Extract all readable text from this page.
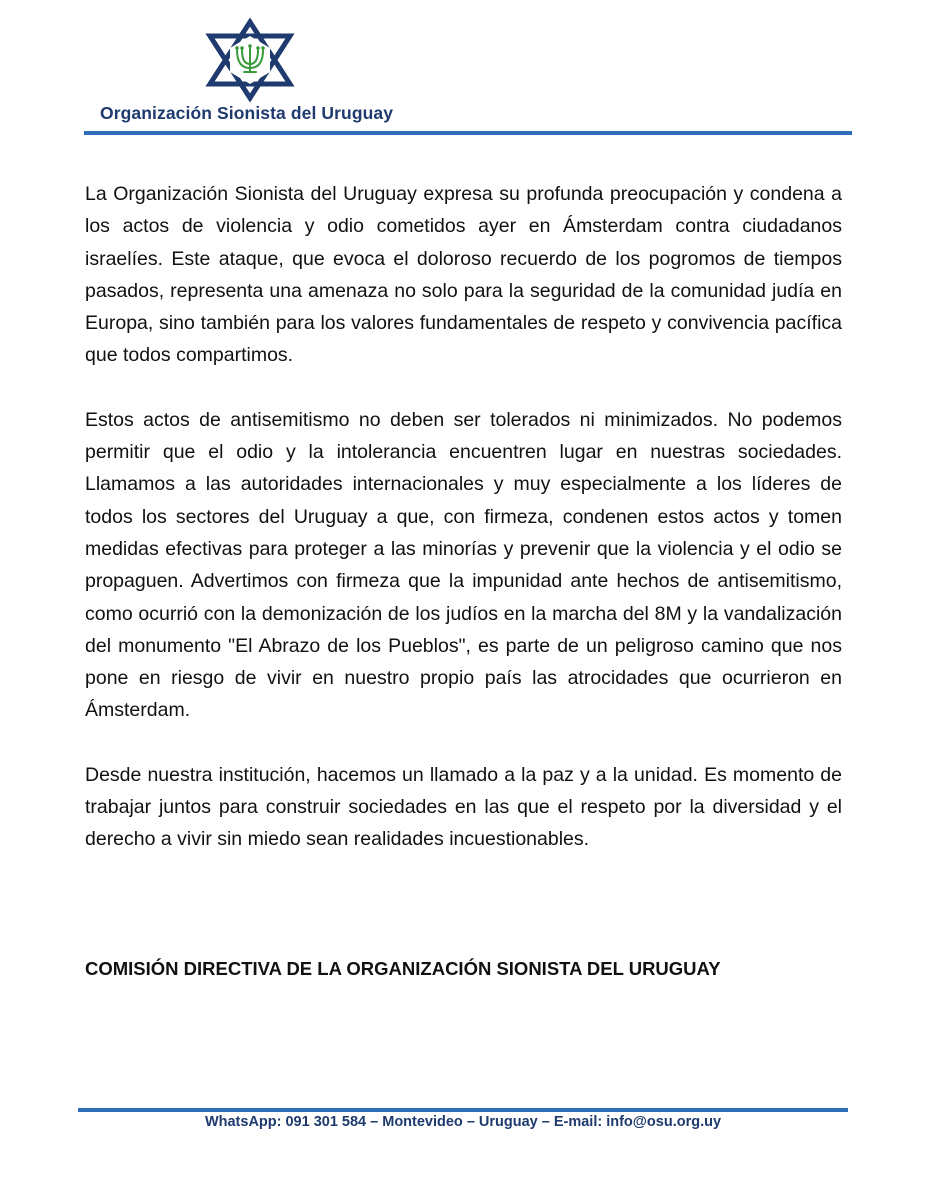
Organización Sionista del Uruguay

La Organización Sionista del Uruguay expresa su profunda preocupación y condena a los actos de violencia y odio cometidos ayer en Ámsterdam contra ciudadanos israelíes. Este ataque, que evoca el doloroso recuerdo de los pogromos de tiempos pasados, representa una amenaza no solo para la seguridad de la comunidad judía en Europa, sino también para los valores fundamentales de respeto y convivencia pacífica que todos compartimos.

Estos actos de antisemitismo no deben ser tolerados ni minimizados. No podemos permitir que el odio y la intolerancia encuentren lugar en nuestras sociedades. Llamamos a las autoridades internacionales y muy especialmente a los líderes de todos los sectores del Uruguay a que, con firmeza, condenen estos actos y tomen medidas efectivas para proteger a las minorías y prevenir que la violencia y el odio se propaguen. Advertimos con firmeza que la impunidad ante hechos de antisemitismo, como ocurrió con la demonización de los judíos en la marcha del 8M y la vandalización del monumento "El Abrazo de los Pueblos", es parte de un peligroso camino que nos pone en riesgo de vivir en nuestro propio país las atrocidades que ocurrieron en Ámsterdam.

Desde nuestra institución, hacemos un llamado a la paz y a la unidad. Es momento de trabajar juntos para construir sociedades en las que el respeto por la diversidad y el derecho a vivir sin miedo sean realidades incuestionables.

COMISIÓN DIRECTIVA DE LA ORGANIZACIÓN SIONISTA DEL URUGUAY
WhatsApp: 091 301 584 – Montevideo – Uruguay – E-mail: info@osu.org.uy
